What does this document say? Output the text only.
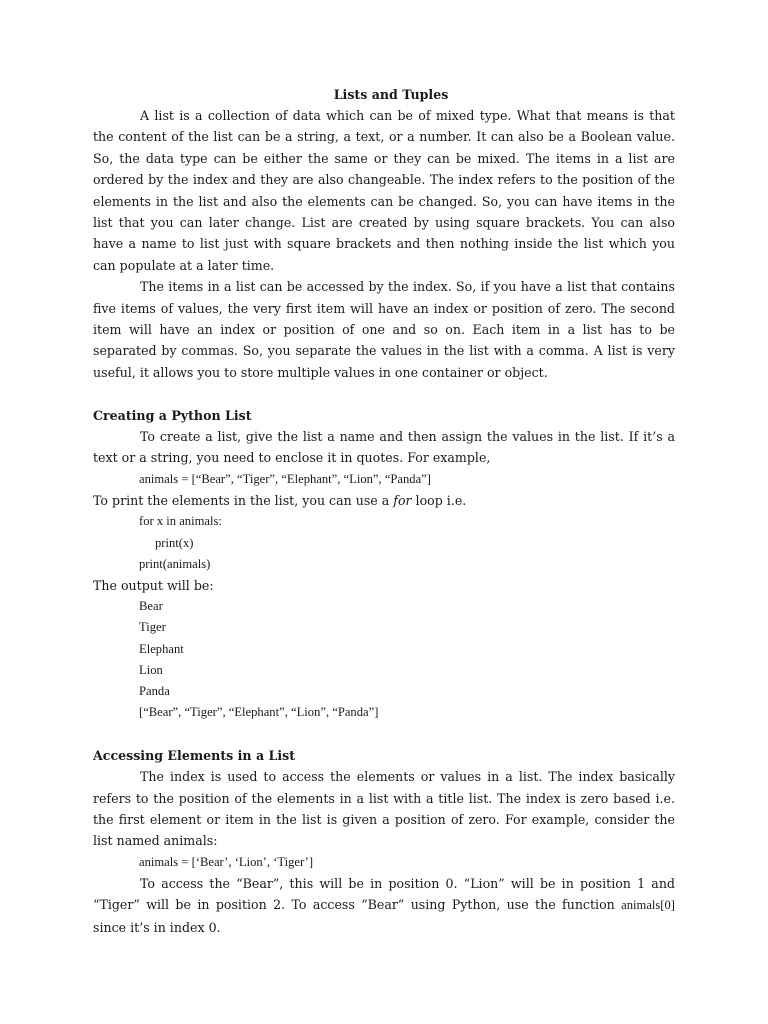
Lists and Tuples

A list is a collection of data which can be of mixed type. What that means is that the content of the list can be a string, a text, or a number. It can also be a Boolean value. So, the data type can be either the same or they can be mixed. The items in a list are ordered by the index and they are also changeable. The index refers to the position of the elements in the list and also the elements can be changed. So, you can have items in the list that you can later change. List are created by using square brackets. You can also have a name to list just with square brackets and then nothing inside the list which you can populate at a later time.

The items in a list can be accessed by the index. So, if you have a list that contains five items of values, the very first item will have an index or position of zero. The second item will have an index or position of one and so on. Each item in a list has to be separated by commas. So, you separate the values in the list with a comma. A list is very useful, it allows you to store multiple values in one container or object.

Creating a Python List

To create a list, give the list a name and then assign the values in the list. If it’s a text or a string, you need to enclose it in quotes. For example,

animals = [“Bear”, “Tiger”, “Elephant”, “Lion”, “Panda”]
To print the elements in the list, you can use a for loop i.e.
for x in animals:
print(x)
print(animals)
The output will be:
Bear
Tiger
Elephant
Lion
Panda
[“Bear”, “Tiger”, “Elephant”, “Lion”, “Panda”]
Accessing Elements in a List

The index is used to access the elements or values in a list. The index basically refers to the position of the elements in a list with a title list. The index is zero based i.e. the first element or item in the list is given a position of zero. For example, consider the list named animals:

animals = [‘Bear’, ‘Lion’, ‘Tiger’]

To access the “Bear”, this will be in position 0. “Lion” will be in position 1 and “Tiger” will be in position 2. To access “Bear” using Python, use the function animals[0] since it’s in index 0.
